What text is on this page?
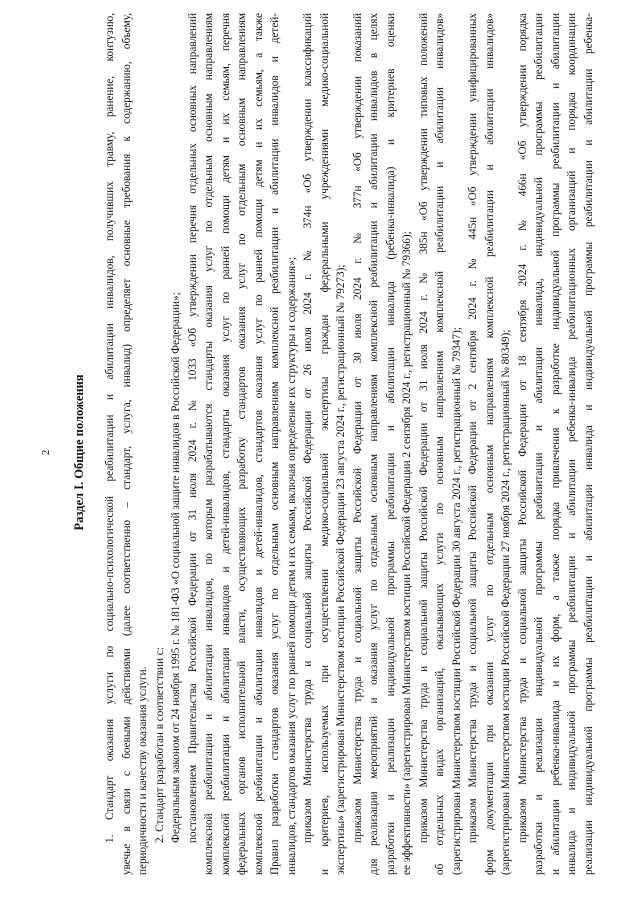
2 Раздел I. Общие положения 1. Стандарт оказания услуги по социально-психологической реабилитации и абилитации инвалидов, получивших травму, ранение, контузию, увечье в связи с боевыми действиями (далее соответственно – стандарт, услуга, инвалид) определяет основные требования к содержанию, объему, периодичности и качеству оказания услуги. 2. Стандарт разработан в соответствии с: Федеральным законом от 24 ноября 1995 г. № 181-ФЗ «О социальной защите инвалидов в Российской Федерации»; постановлением Правительства Российской Федерации от 31 июля 2024 г. № 1033 «Об утверждении перечня отдельных основных направлений комплексной реабилитации и абилитации инвалидов, по которым разрабатываются стандарты оказания услуг по отдельным основным направлениям комплексной реабилитации и абилитации инвалидов и детей-инвалидов, стандарты оказания услуг по ранней помощи детям и их семьям, перечня федеральных органов исполнительной власти, осуществляющих разработку стандартов оказания услуг по отдельным основным направлениям комплексной реабилитации и абилитации инвалидов и детей-инвалидов, стандартов оказания услуг по ранней помощи детям и их семьям, а также Правил разработки стандартов оказания услуг по отдельным основным направлениям комплексной реабилитации и абилитации инвалидов и детей- инвалидов, стандартов оказания услуг по ранней помощи детям и их семьям, включая определение их структуры и содержания»; приказом Министерства труда и социальной защиты Российской Федерации от 26 июля 2024 г. № 374н «Об утверждении классификаций и критериев, используемых при осуществлении медико-социальной экспертизы граждан федеральными учреждениями медико-социальной экспертизы» (зарегистрирован Министерством юстиции Российской Федерации 23 августа 2024 г., регистрационный № 79273); приказом Министерства труда и социальной защиты Российской Федерации от 30 июля 2024 г. № 377н «Об утверждении показаний для реализации мероприятий и оказания услуг по отдельным основным направлениям комплексной реабилитации и абилитации инвалидов в целях разработки и реализации индивидуальной программы реабилитации и абилитации инвалида (ребенка-инвалида) и критериев оценки ее эффективности» (зарегистрирован Министерством юстиции Российской Федерации 2 сентября 2024 г., регистрационный № 79366); приказом Министерства труда и социальной защиты Российской Федерации от 31 июля 2024 г. № 385н «Об утверждении типовых положений об отдельных видах организаций, оказывающих услуги по основным направлениям комплексной реабилитации и абилитации инвалидов» (зарегистрирован Министерством юстиции Российской Федерации 30 августа 2024 г., регистрационный № 79347); приказом Министерства труда и социальной защиты Российской Федерации от 2 сентября 2024 г. № 445н «Об утверждении унифицированных форм документации при оказании услуг по отдельным основным направлениям комплексной реабилитации и абилитации инвалидов» (зарегистрирован Министерством юстиции Российской Федерации 27 ноября 2024 г., регистрационный № 80349); приказом Министерства труда и социальной защиты Российской Федерации от 18 сентября 2024 г. № 466н «Об утверждении порядка разработки и реализации индивидуальной программы реабилитации и абилитации инвалида, индивидуальной программы реабилитации и абилитации ребенка-инвалида и их форм, а также порядка привлечения к разработке индивидуальной программы реабилитации и абилитации инвалида и индивидуальной программы реабилитации и абилитации ребенка-инвалида реабилитационных организаций и порядка координации реализации индивидуальной программы реабилитации и абилитации инвалида и индивидуальной программы реабилитации и абилитации ребенка-
